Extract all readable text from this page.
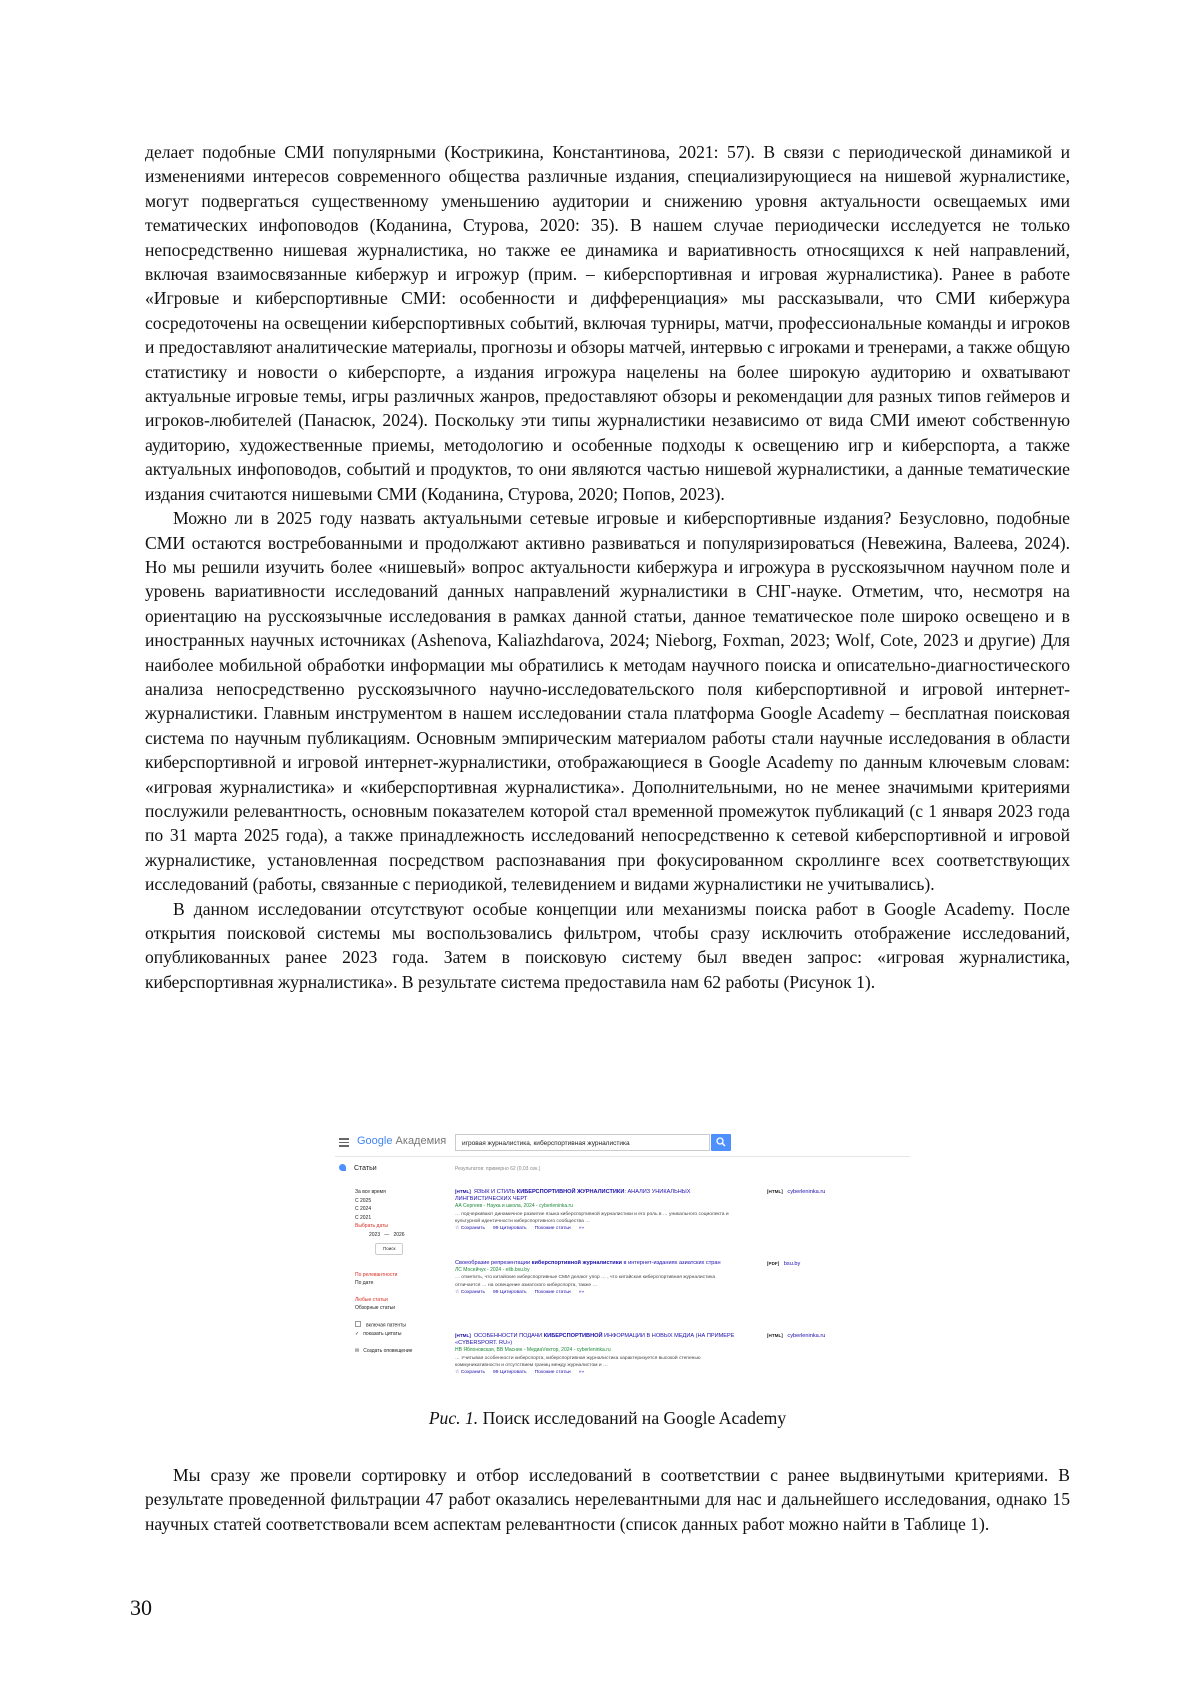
делает подобные СМИ популярными (Кострикина, Константинова, 2021: 57). В связи с периодической динамикой и изменениями интересов современного общества различные издания, специализирующиеся на нишевой журналистике, могут подвергаться существенному уменьшению аудитории и снижению уровня актуальности освещаемых ими тематических инфоповодов (Коданина, Стурова, 2020: 35). В нашем случае периодически исследуется не только непосредственно нишевая журналистика, но также ее динамика и вариативность относящихся к ней направлений, включая взаимосвязанные кибержур и игрожур (прим. – киберспортивная и игровая журналистика). Ранее в работе «Игровые и киберспортивные СМИ: особенности и дифференциация» мы рассказывали, что СМИ кибержура сосредоточены на освещении киберспортивных событий, включая турниры, матчи, профессиональные команды и игроков и предоставляют аналитические материалы, прогнозы и обзоры матчей, интервью с игроками и тренерами, а также общую статистику и новости о киберспорте, а издания игрожура нацелены на более широкую аудиторию и охватывают актуальные игровые темы, игры различных жанров, предоставляют обзоры и рекомендации для разных типов геймеров и игроков-любителей (Панасюк, 2024). Поскольку эти типы журналистики независимо от вида СМИ имеют собственную аудиторию, художественные приемы, методологию и особенные подходы к освещению игр и киберспорта, а также актуальных инфоповодов, событий и продуктов, то они являются частью нишевой журналистики, а данные тематические издания считаются нишевыми СМИ (Коданина, Стурова, 2020; Попов, 2023).

Можно ли в 2025 году назвать актуальными сетевые игровые и киберспортивные издания? Безусловно, подобные СМИ остаются востребованными и продолжают активно развиваться и популяризироваться (Невежина, Валеева, 2024). Но мы решили изучить более «нишевый» вопрос актуальности кибержура и игрожура в русскоязычном научном поле и уровень вариативности исследований данных направлений журналистики в СНГ-науке. Отметим, что, несмотря на ориентацию на русскоязычные исследования в рамках данной статьи, данное тематическое поле широко освещено и в иностранных научных источниках (Ashenova, Kaliazhdarova, 2024; Nieborg, Foxman, 2023; Wolf, Cote, 2023 и другие) Для наиболее мобильной обработки информации мы обратились к методам научного поиска и описательно-диагностического анализа непосредственно русскоязычного научно-исследовательского поля киберспортивной и игровой интернет-журналистики. Главным инструментом в нашем исследовании стала платформа Google Academy – бесплатная поисковая система по научным публикациям. Основным эмпирическим материалом работы стали научные исследования в области киберспортивной и игровой интернет-журналистики, отображающиеся в Google Academy по данным ключевым словам: «игровая журналистика» и «киберспортивная журналистика». Дополнительными, но не менее значимыми критериями послужили релевантность, основным показателем которой стал временной промежуток публикаций (с 1 января 2023 года по 31 марта 2025 года), а также принадлежность исследований непосредственно к сетевой киберспортивной и игровой журналистике, установленная посредством распознавания при фокусированном скроллинге всех соответствующих исследований (работы, связанные с периодикой, телевидением и видами журналистики не учитывались).

В данном исследовании отсутствуют особые концепции или механизмы поиска работ в Google Academy. После открытия поисковой системы мы воспользовались фильтром, чтобы сразу исключить отображение исследований, опубликованных ранее 2023 года. Затем в поисковую систему был введен запрос: «игровая журналистика, киберспортивная журналистика». В результате система предоставила нам 62 работы (Рисунок 1).

Google Академия	игровая журналистика, киберспортивная журналистика
Статьи	Результатов: примерно 62 (0,03 сек.)
За все время
С 2025
С 2024
С 2021
Выбрать даты
2023 — 2026
Поиск
По релевантности
По дате
Любые статьи
Обзорные статьи
включая патенты
✓ показать цитаты
✉ Создать оповещение
[HTML] ЯЗЫК И СТИЛЬ КИБЕРСПОРТИВНОЙ ЖУРНАЛИСТИКИ: АНАЛИЗ УНИКАЛЬНЫХ ЛИНГВИСТИЧЕСКИХ ЧЕРТ
АА Сергеев - Наука и школа, 2024 - cyberleninka.ru
… подчеркивают динамичное развитие языка киберспортивной журналистики и его роль в … уникального социолекта и культурной идентичности киберспортивного сообщества …
☆ Сохранить 99 Цитировать Похожие статьи »»
[HTML] cyberleninka.ru
Своеобразие репрезентации киберспортивной журналистики в интернет-изданиях азиатских стран
ЛС Мосейчук - 2024 - elib.bsu.by
… отметить, что китайские киберспортивные СМИ делают упор … , что китайская киберспортивная журналистика отличается … на освещение азиатского киберспорта, также …
☆ Сохранить 99 Цитировать Похожие статьи »»
[PDF] bsu.by
[HTML] ОСОБЕННОСТИ ПОДАЧИ КИБЕРСПОРТИВНОЙ ИНФОРМАЦИИ В НОВЫХ МЕДИА (НА ПРИМЕРЕ «CYBERSPORT. RU»)
НВ Яблоновская, ВВ Маснин - МедиаVектор, 2024 - cyberleninka.ru
… Учитывая особенности киберспорта, киберспортивная журналистика характеризуется высокой степенью коммуникативности и отсутствием границ между журналистом и …
☆ Сохранить 99 Цитировать Похожие статьи »»
[HTML] cyberleninka.ru
Рис. 1. Поиск исследований на Google Academy

Мы сразу же провели сортировку и отбор исследований в соответствии с ранее выдвинутыми критериями. В результате проведенной фильтрации 47 работ оказались нерелевантными для нас и дальнейшего исследования, однако 15 научных статей соответствовали всем аспектам релевантности (список данных работ можно найти в Таблице 1).

30
